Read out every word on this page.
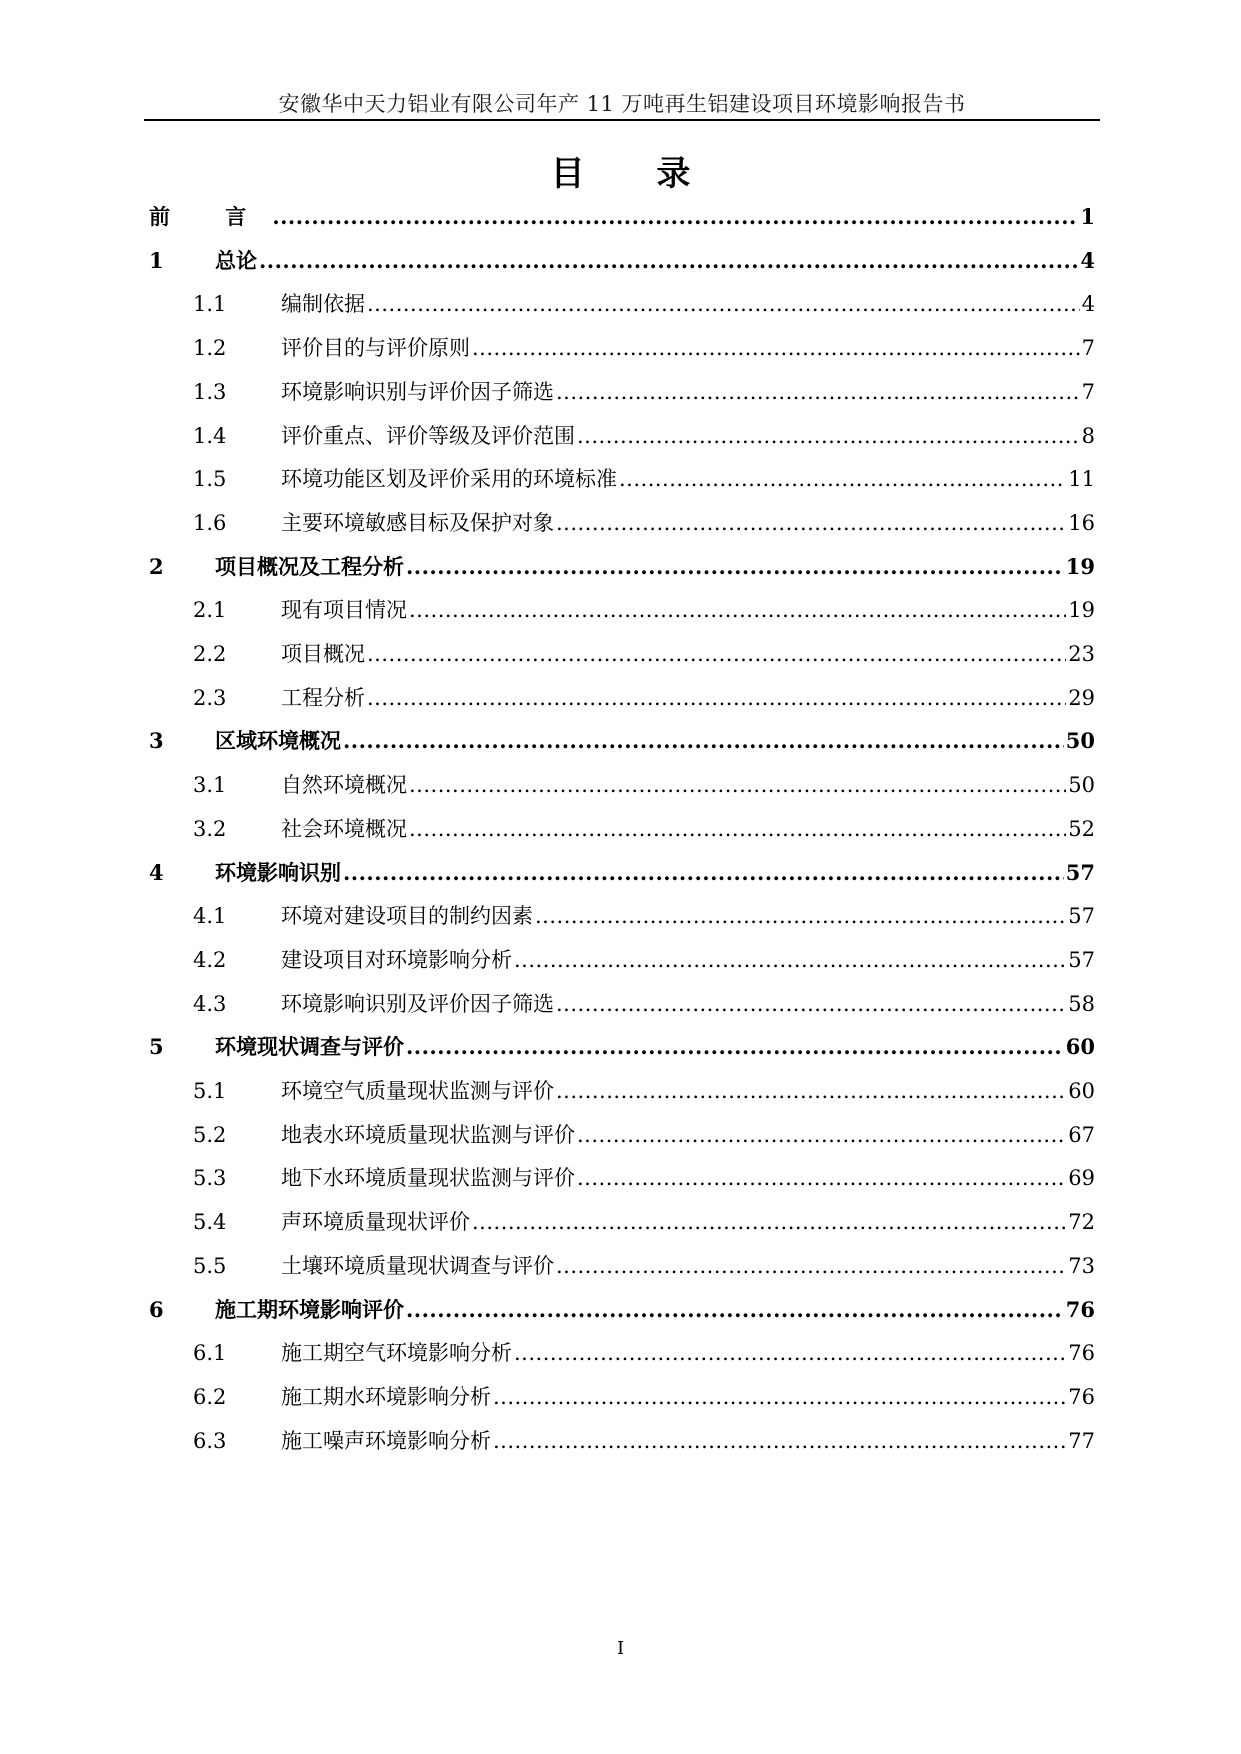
安徽华中天力铝业有限公司年产 11 万吨再生铝建设项目环境影响报告书
目 录
前 言 .....	1
1	总论 .....	4
1.1	编制依据 .....	4
1.2	评价目的与评价原则 .....	7
1.3	环境影响识别与评价因子筛选 .....	7
1.4	评价重点、评价等级及评价范围 .....	8
1.5	环境功能区划及评价采用的环境标准 .....	11
1.6	主要环境敏感目标及保护对象 .....	16
2	项目概况及工程分析 .....	19
2.1	现有项目情况 .....	19
2.2	项目概况 .....	23
2.3	工程分析 .....	29
3	区域环境概况 .....	50
3.1	自然环境概况 .....	50
3.2	社会环境概况 .....	52
4	环境影响识别 .....	57
4.1	环境对建设项目的制约因素 .....	57
4.2	建设项目对环境影响分析 .....	57
4.3	环境影响识别及评价因子筛选 .....	58
5	环境现状调查与评价 .....	60
5.1	环境空气质量现状监测与评价 .....	60
5.2	地表水环境质量现状监测与评价 .....	67
5.3	地下水环境质量现状监测与评价 .....	69
5.4	声环境质量现状评价 .....	72
5.5	土壤环境质量现状调查与评价 .....	73
6	施工期环境影响评价 .....	76
6.1	施工期空气环境影响分析 .....	76
6.2	施工期水环境影响分析 .....	76
6.3	施工噪声环境影响分析 .....	77
I
